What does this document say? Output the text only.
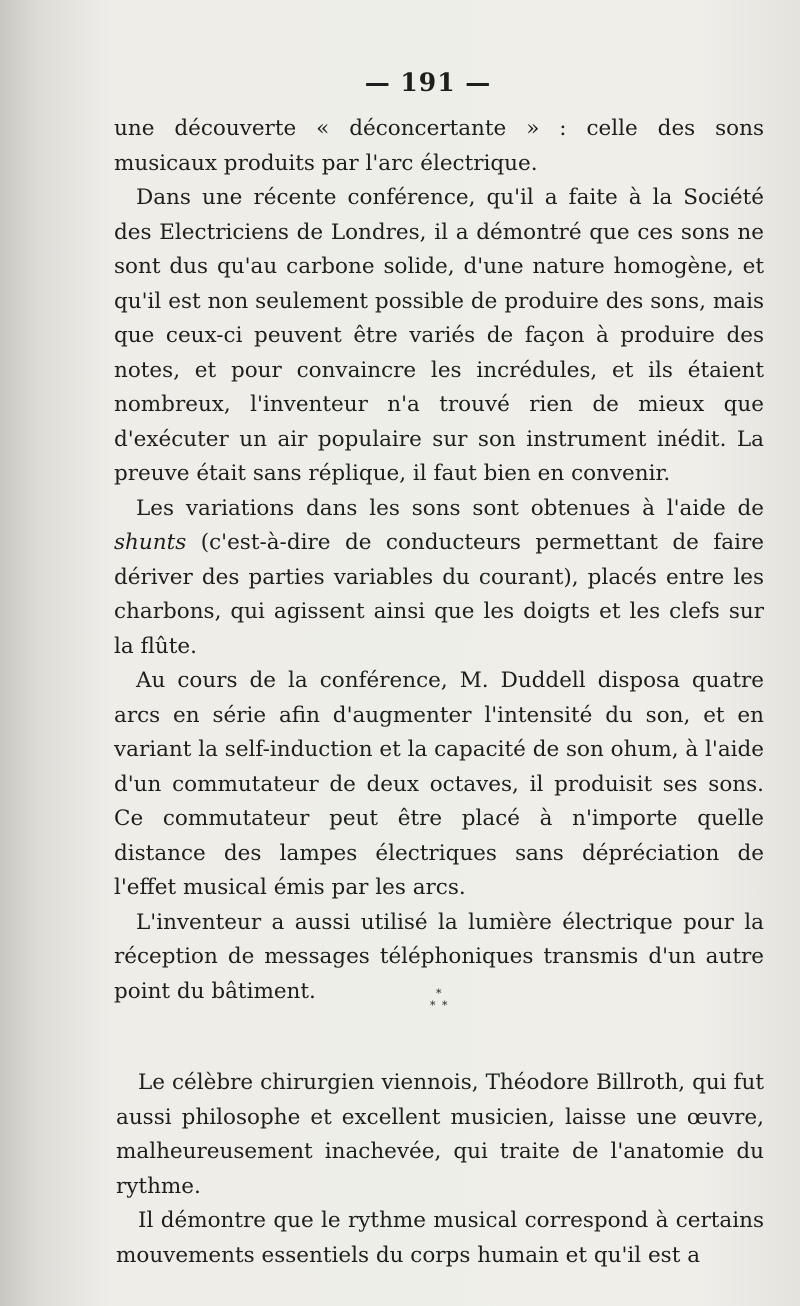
— 191 —

une découverte « déconcertante » : celle des sons musicaux produits par l'arc électrique.

Dans une récente conférence, qu'il a faite à la Société des Electriciens de Londres, il a démontré que ces sons ne sont dus qu'au carbone solide, d'une nature homogène, et qu'il est non seulement possible de produire des sons, mais que ceux-ci peuvent être variés de façon à produire des notes, et pour convaincre les incrédules, et ils étaient nombreux, l'inventeur n'a trouvé rien de mieux que d'exécuter un air populaire sur son instrument inédit. La preuve était sans réplique, il faut bien en convenir.

Les variations dans les sons sont obtenues à l'aide de shunts (c'est-à-dire de conducteurs permettant de faire dériver des parties variables du courant), placés entre les charbons, qui agissent ainsi que les doigts et les clefs sur la flûte.

Au cours de la conférence, M. Duddell disposa quatre arcs en série afin d'augmenter l'intensité du son, et en variant la self-induction et la capacité de son ohum, à l'aide d'un commutateur de deux octaves, il produisit ses sons. Ce commutateur peut être placé à n'importe quelle distance des lampes électriques sans dépréciation de l'effet musical émis par les arcs.

L'inventeur a aussi utilisé la lumière électrique pour la réception de messages téléphoniques transmis d'un autre point du bâtiment.	*
* *

Le célèbre chirurgien viennois, Théodore Billroth, qui fut aussi philosophe et excellent musicien, laisse une œuvre, malheureusement inachevée, qui traite de l'anatomie du rythme.

Il démontre que le rythme musical correspond à certains mouvements essentiels du corps humain et qu'il est a
